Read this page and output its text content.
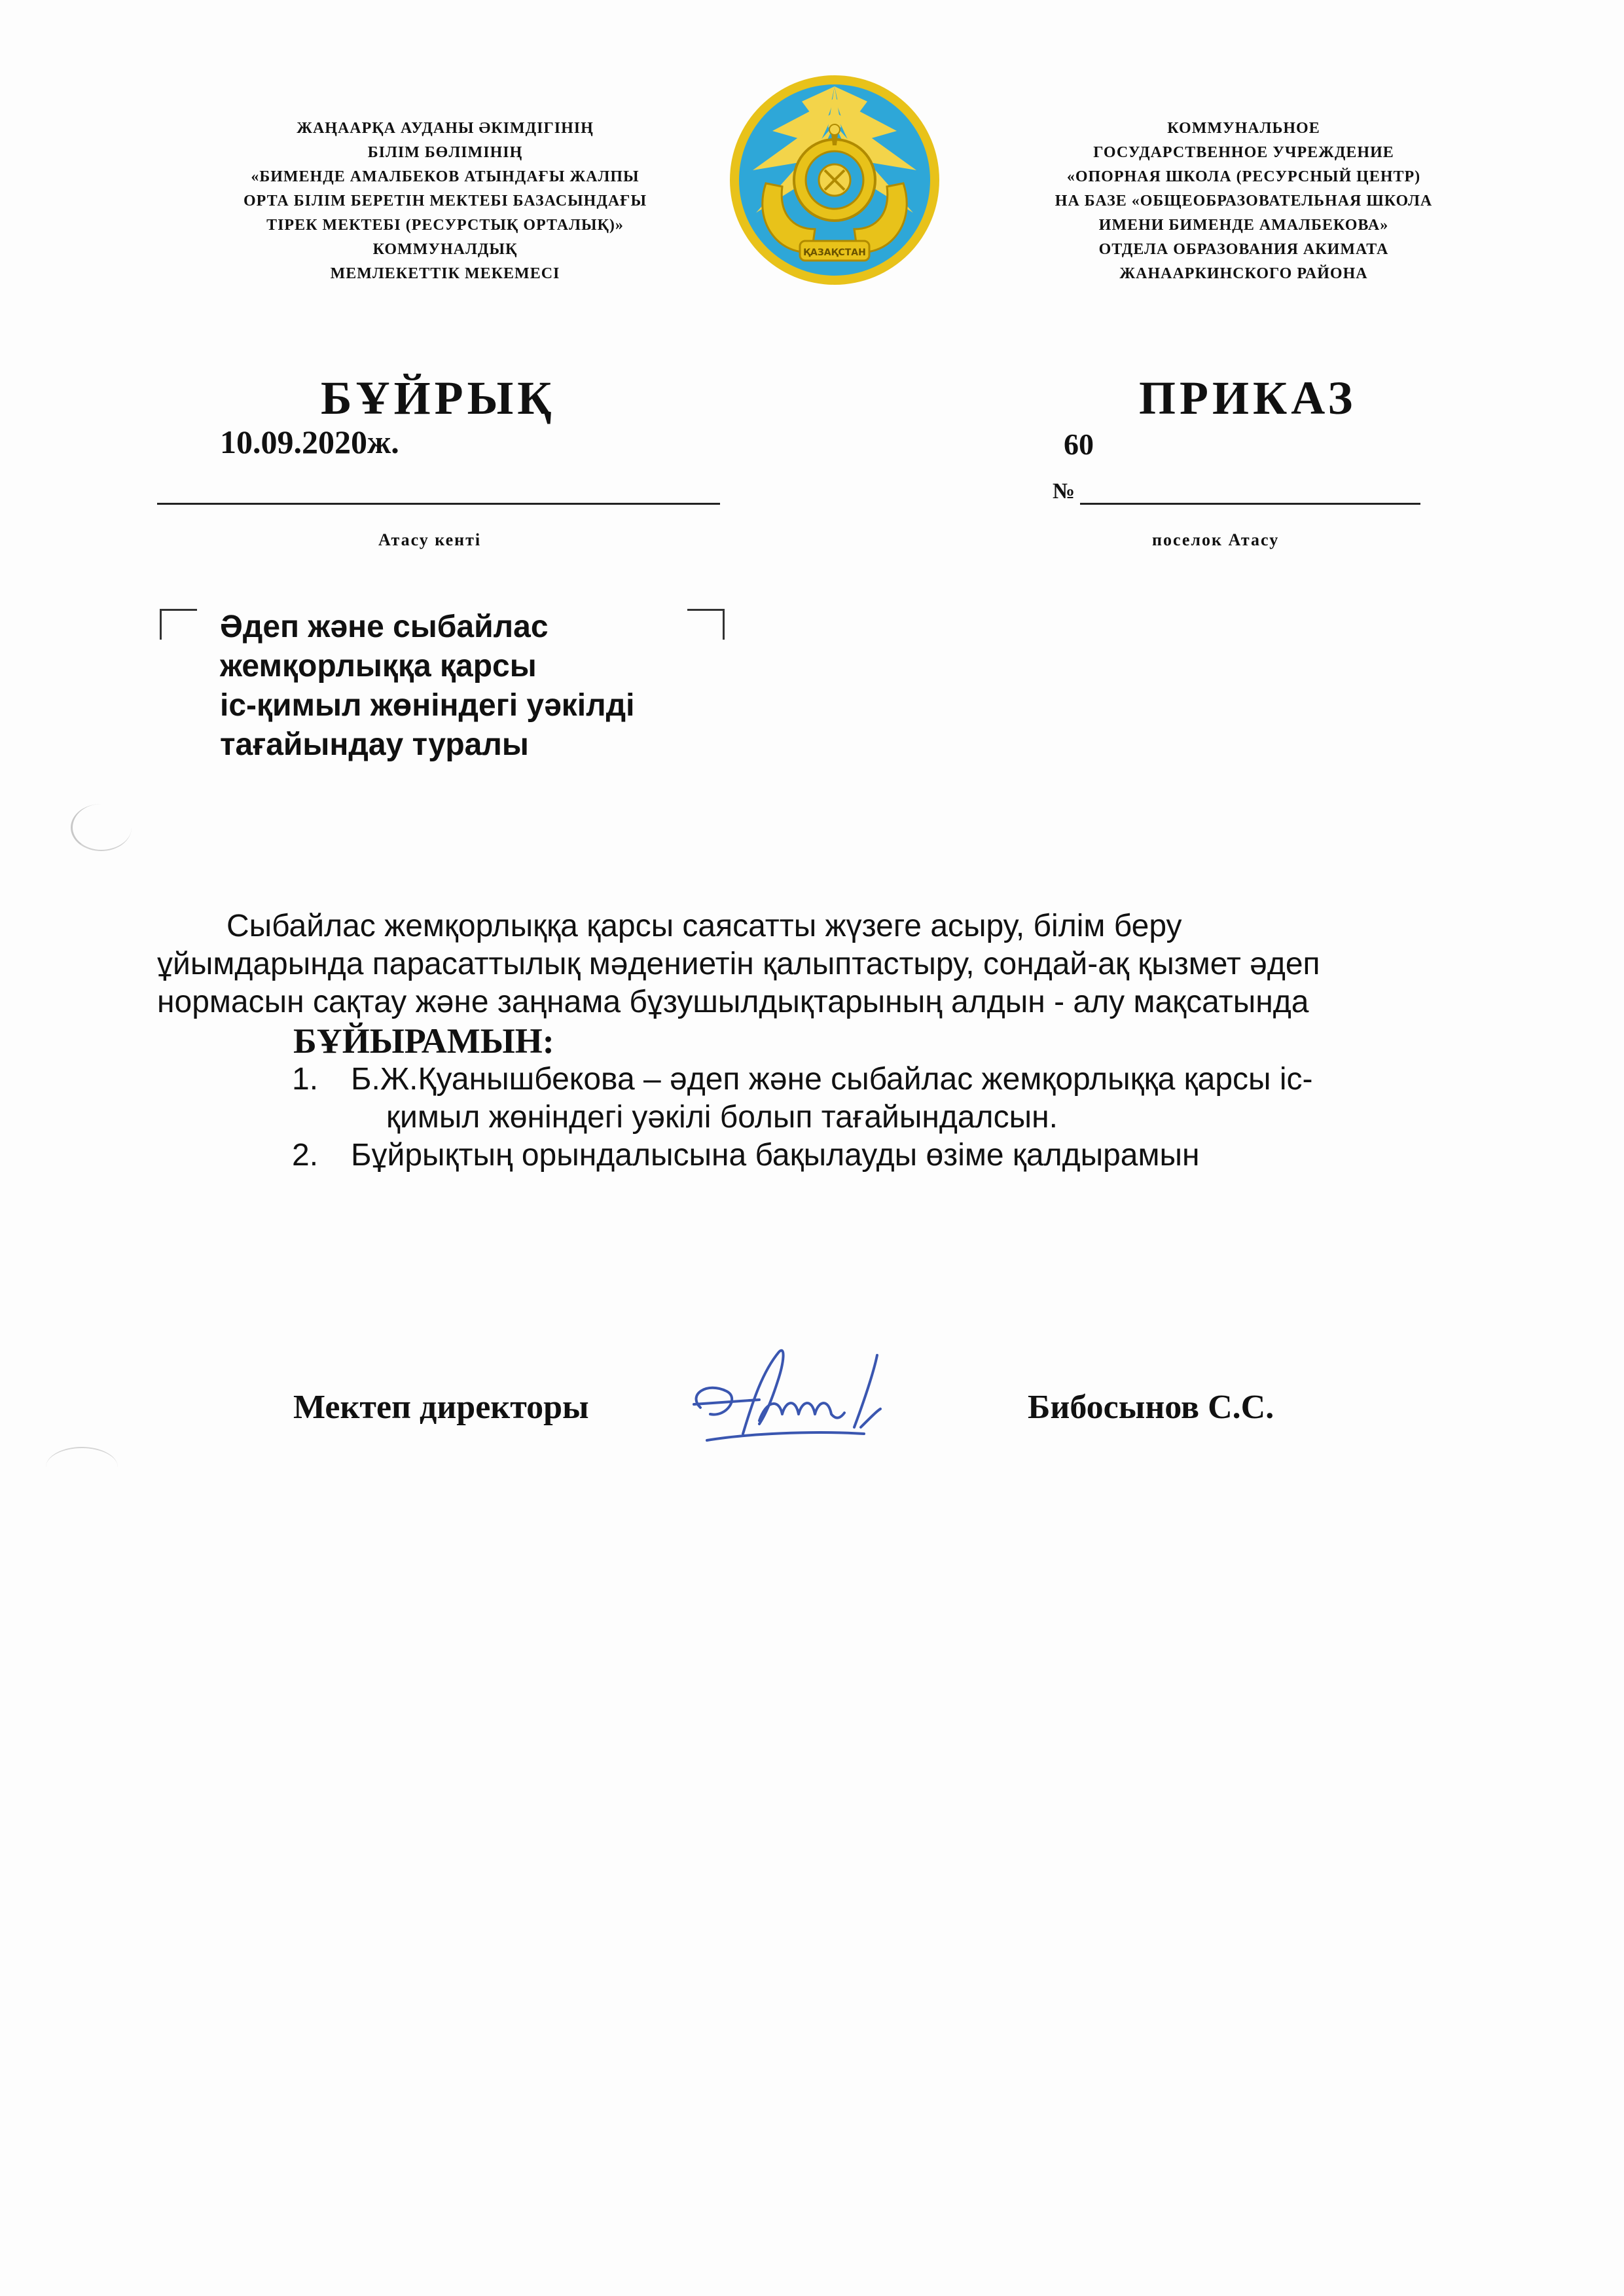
ЖАҢААРҚА АУДАНЫ ӘКІМДІГІНІҢ
БІЛІМ БӨЛІМІНІҢ
«БИМЕНДЕ АМАЛБЕКОВ АТЫНДАҒЫ ЖАЛПЫ
ОРТА БІЛІМ БЕРЕТІН МЕКТЕБІ БАЗАСЫНДАҒЫ
ТІРЕК МЕКТЕБІ (РЕСУРСТЫҚ ОРТАЛЫҚ)»
КОММУНАЛДЫҚ
МЕМЛЕКЕТТІК МЕКЕМЕСІ
ҚАЗАҚСТАН
КОММУНАЛЬНОЕ
ГОСУДАРСТВЕННОЕ УЧРЕЖДЕНИЕ
«ОПОРНАЯ ШКОЛА (РЕСУРСНЫЙ ЦЕНТР)
НА БАЗЕ «ОБЩЕОБРАЗОВАТЕЛЬНАЯ ШКОЛА
ИМЕНИ БИМЕНДЕ АМАЛБЕКОВА»
ОТДЕЛА ОБРАЗОВАНИЯ АКИМАТА
ЖАНААРКИНСКОГО РАЙОНА
БҰЙРЫҚ	ПРИКАЗ
10.09.2020ж.	60
№
Атасу кенті	поселок Атасу
Әдеп және сыбайлас
жемқорлыққа қарсы
іс-қимыл жөніндегі уәкілді
тағайындау туралы
Сыбайлас жемқорлыққа қарсы саясатты жүзеге асыру, білім беру
ұйымдарында парасаттылық мәдениетін қалыптастыру, сондай-ақ қызмет әдеп
нормасын сақтау және заңнама бұзушылдықтарының алдын - алу мақсатында
БҰЙЫРАМЫН:
1. Б.Ж.Қуанышбекова – әдеп және сыбайлас жемқорлыққа қарсы іс-
қимыл жөніндегі уәкілі болып тағайындалсын.
2. Бұйрықтың орындалысына бақылауды өзіме қалдырамын
Мектеп директоры	Бибосынов С.С.
